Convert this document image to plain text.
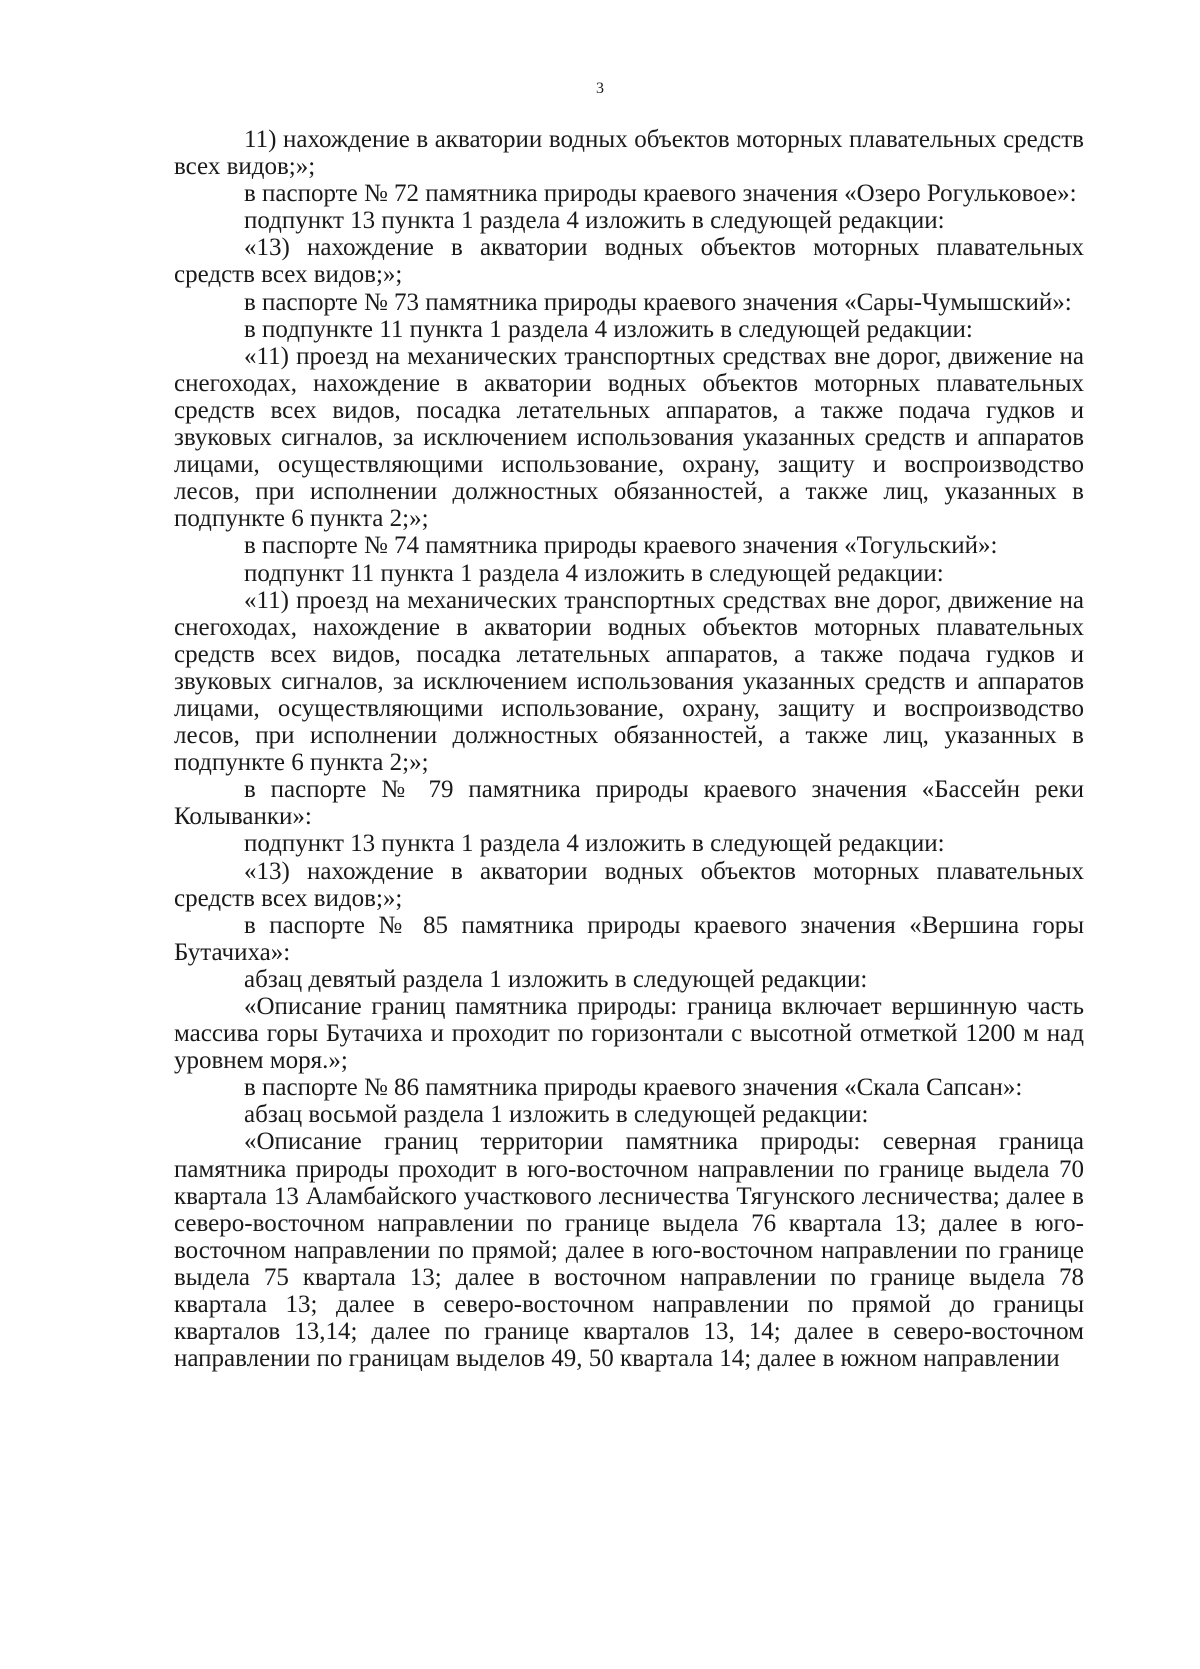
3

11) нахождение в акватории водных объектов моторных плавательных средств всех видов;»;

в паспорте № 72 памятника природы краевого значения «Озеро Рогульковое»:

подпункт 13 пункта 1 раздела 4 изложить в следующей редакции:

«13) нахождение в акватории водных объектов моторных плавательных средств всех видов;»;

в паспорте № 73 памятника природы краевого значения «Сары-Чумышский»:

в подпункте 11 пункта 1 раздела 4 изложить в следующей редакции:

«11) проезд на механических транспортных средствах вне дорог, движение на снегоходах, нахождение в акватории водных объектов моторных плавательных средств всех видов, посадка летательных аппаратов, а также подача гудков и звуковых сигналов, за исключением использования указанных средств и аппаратов лицами, осуществляющими использование, охрану, защиту и воспроизводство лесов, при исполнении должностных обязанностей, а также лиц, указанных в подпункте 6 пункта 2;»;

в паспорте № 74 памятника природы краевого значения «Тогульский»:

подпункт 11 пункта 1 раздела 4 изложить в следующей редакции:

«11) проезд на механических транспортных средствах вне дорог, движение на снегоходах, нахождение в акватории водных объектов моторных плавательных средств всех видов, посадка летательных аппаратов, а также подача гудков и звуковых сигналов, за исключением использования указанных средств и аппаратов лицами, осуществляющими использование, охрану, защиту и воспроизводство лесов, при исполнении должностных обязанностей, а также лиц, указанных в подпункте 6 пункта 2;»;

в паспорте № 79 памятника природы краевого значения «Бассейн реки Колыванки»:

подпункт 13 пункта 1 раздела 4 изложить в следующей редакции:

«13) нахождение в акватории водных объектов моторных плавательных средств всех видов;»;

в паспорте № 85 памятника природы краевого значения «Вершина горы Бутачиха»:

абзац девятый раздела 1 изложить в следующей редакции:

«Описание границ памятника природы: граница включает вершинную часть массива горы Бутачиха и проходит по горизонтали с высотной отметкой 1200 м над уровнем моря.»;

в паспорте № 86 памятника природы краевого значения «Скала Сапсан»:

абзац восьмой раздела 1 изложить в следующей редакции:

«Описание границ территории памятника природы: северная граница памятника природы проходит в юго-восточном направлении по границе выдела 70 квартала 13 Аламбайского участкового лесничества Тягунского лесничества; далее в северо-восточном направлении по границе выдела 76 квартала 13; далее в юго-восточном направлении по прямой; далее в юго-восточном направлении по границе выдела 75 квартала 13; далее в восточном направлении по границе выдела 78 квартала 13; далее в северо-восточном направлении по прямой до границы кварталов 13,14; далее по границе кварталов 13, 14; далее в северо-восточном направлении по границам выделов 49, 50 квартала 14; далее в южном направлении
